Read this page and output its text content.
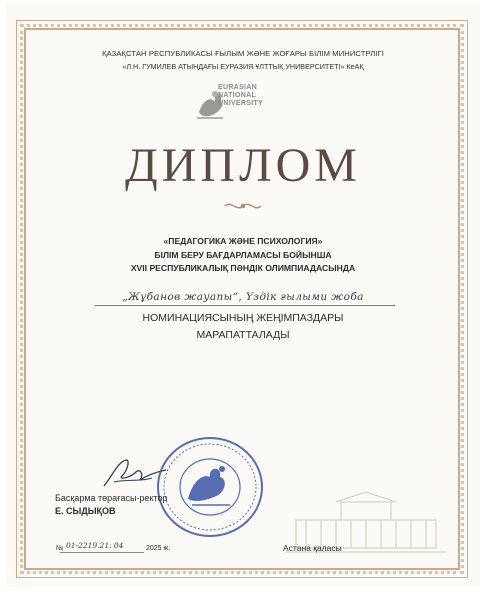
ҚАЗАҚСТАН РЕСПУБЛИКАСЫ ҒЫЛЫМ ЖӘНЕ ЖОҒАРЫ БІЛІМ МИНИСТРЛІГІ
«Л.Н. ГУМИЛЕВ АТЫНДАҒЫ ЕУРАЗИЯ ҰЛТТЫҚ УНИВЕРСИТЕТІ» КеАҚ
EURASIAN
NATIONAL
UNIVERSITY
ДИПЛОМ
«ПЕДАГОГИКА ЖӘНЕ ПСИХОЛОГИЯ»
БІЛІМ БЕРУ БАҒДАРЛАМАСЫ БОЙЫНША
XVII РЕСПУБЛИКАЛЫҚ ПӘНДІК ОЛИМПИАДАСЫНДА
„Жұбанов жауапы“, Үздік ғылыми жоба
НОМИНАЦИЯСЫНЫҢ ЖЕҢІМПАЗДАРЫ
МАРАПАТТАЛАДЫ
Басқарма төрағасы-ректор
Е. СЫДЫҚОВ
№ 01-2219.21. 04	2025 ж.	Астана қаласы
